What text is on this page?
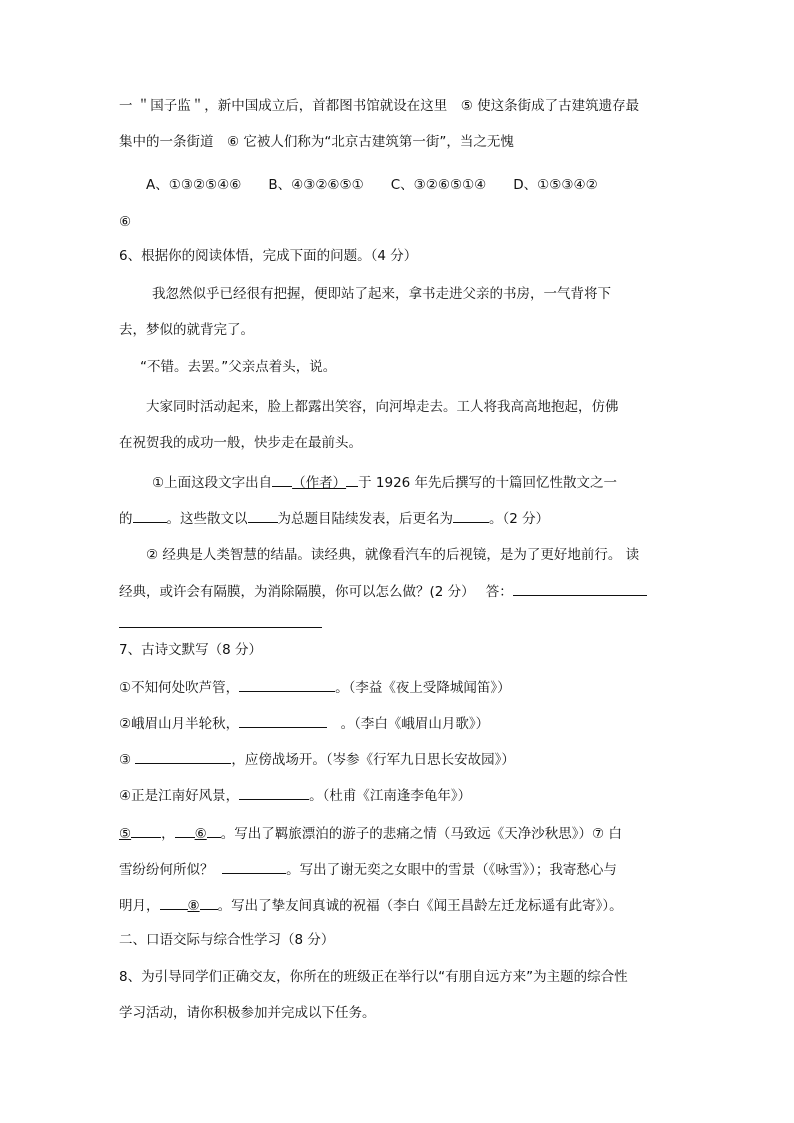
一 ＂国子监＂，新中国成立后，首都图书馆就设在这里　⑤ 使这条街成了古建筑遗存最
集中的一条街道　⑥ 它被人们称为“北京古建筑第一街”，当之无愧
A、①③②⑤④⑥　　B、④③②⑥⑤①　　C、③②⑥⑤①④　　D、①⑤③④②
⑥
6、根据你的阅读体悟，完成下面的问题。（4 分）
我忽然似乎已经很有把握，便即站了起来，拿书走进父亲的书房，一气背将下
去，梦似的就背完了。
“不错。去罢。”父亲点着头，说。
大家同时活动起来，脸上都露出笑容，向河埠走去。工人将我高高地抱起，仿佛
在祝贺我的成功一般，快步走在最前头。
①上面这段文字出自 （作者） 于 1926 年先后撰写的十篇回忆性散文之一
的	。这些散文以 为总题目陆续发表，后更名为	。（2 分）
② 经典是人类智慧的结晶。读经典，就像看汽车的后视镜，是为了更好地前行。 读
经典，或许会有隔膜，为消除隔膜，你可以怎么做？(2 分）　 答：
7、古诗文默写（8 分）
①不知何处吹芦管，	。（李益《夜上受降城闻笛》）
②峨眉山月半轮秋，　	。（李白《峨眉山月歌》）
③	，应傍战场开。（岑参《行军九日思长安故园》）
④正是江南好风景，	。（杜甫《江南逢李龟年》）
⑤ ， ⑥ 。写出了羁旅漂泊的游子的悲痛之情（马致远《天净沙秋思》）⑦ 白
雪纷纷何所似？	。写出了谢无奕之女眼中的雪景（《咏雪》）；我寄愁心与
明月， ⑧ 。写出了挚友间真诚的祝福（李白《闻王昌龄左迁龙标遥有此寄》）。
二、口语交际与综合性学习（8 分）
8、为引导同学们正确交友，你所在的班级正在举行以“有朋自远方来”为主题的综合性
学习活动，请你积极参加并完成以下任务。
